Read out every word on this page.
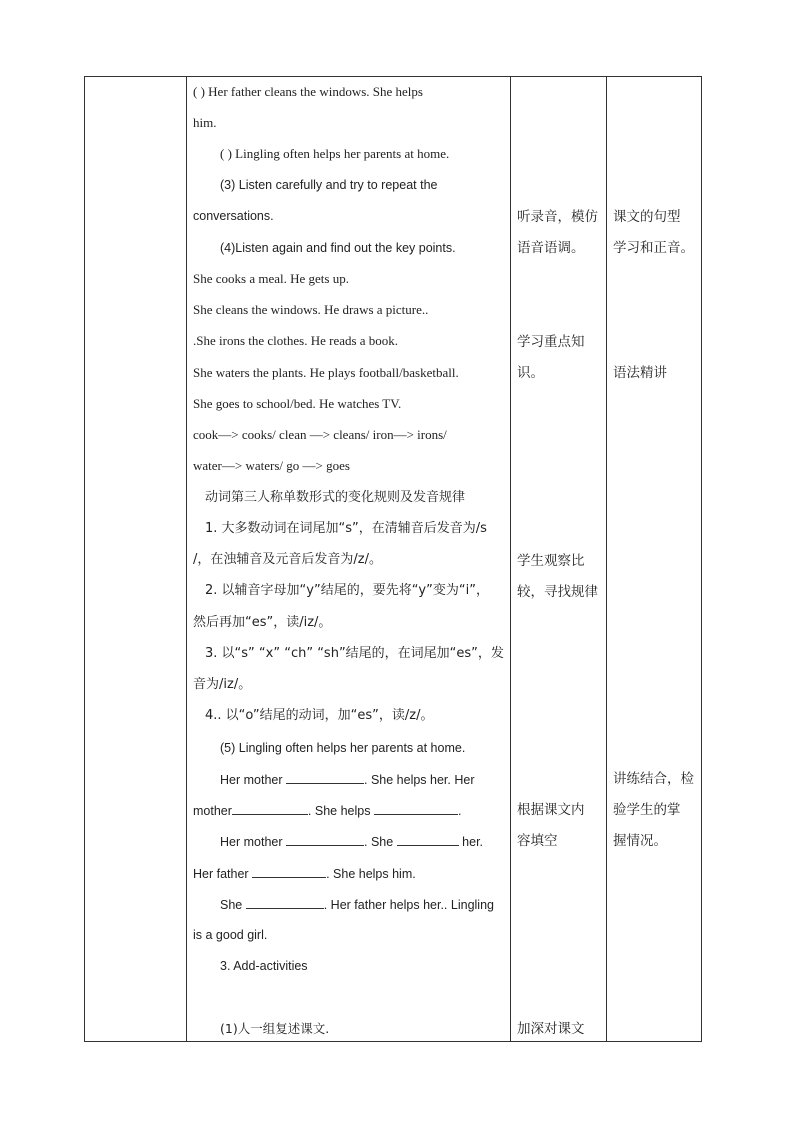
( ) Her father cleans the windows. She helps
him.
( ) Lingling often helps her parents at home.
(3) Listen carefully and try to repeat the
conversations.
(4)Listen again and find out the key points.
She cooks a meal. He gets up.
She cleans the windows. He draws a picture..
.She irons the clothes. He reads a book.
She waters the plants. He plays football/basketball.
She goes to school/bed. He watches TV.
cook—> cooks/ clean —> cleans/ iron—> irons/
water—> waters/ go —> goes
动词第三人称单数形式的变化规则及发音规律
1. 大多数动词在词尾加“s”，在清辅音后发音为/s
/，在浊辅音及元音后发音为/z/。
2. 以辅音字母加“y”结尾的，要先将“y”变为“i”，
然后再加“es”，读/iz/。
3. 以“s” “x” “ch” “sh”结尾的，在词尾加“es”，发
音为/iz/。
4.. 以“o”结尾的动词，加“es”，读/z/。
(5) Lingling often helps her parents at home.
Her mother	. She helps her. Her
mother	. She helps	.
Her mother	. She	her.
Her father	. She helps him.
She	. Her father helps her.. Lingling
is a good girl.
3. Add-activities
(1)人一组复述课文.
听录音，模仿
语音语调。
学习重点知
识。
学生观察比
较，寻找规律
根据课文内
容填空
加深对课文
课文的句型
学习和正音。
语法精讲
讲练结合，检
验学生的掌
握情况。
